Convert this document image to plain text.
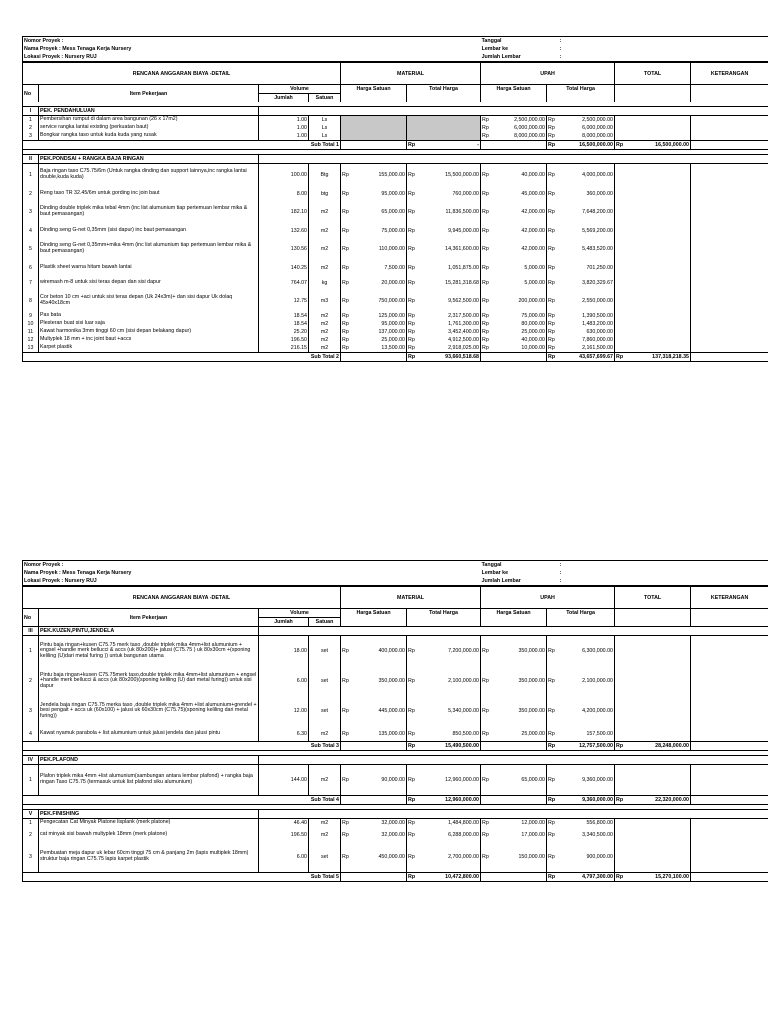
Nomor Proyek :	Tanggal	:	
Nama Proyek : Mess Tenaga Kerja Nursery	Lembar ke	:	
Lokasi Proyek : Nursery RUJ	Jumlah Lembar	:	
RENCANA ANGGARAN BIAYA -DETAIL				MATERIAL		UPAH		TOTAL	KETERANGAN
No	Item Pekerjaan	Volume		Harga Satuan	Total Harga	Harga Satuan	Total Harga		
		Jumlah	Satuan						

I	PEK. PENDAHULUAN													
1	Pembersihan rumput di dalam area bangunan (26 x 17m2)	1.00	Ls					Rp	2,500,000.00	Rp	2,500,000.00			
2	service rangka lantai existing (perkuatan baut)	1.00	Ls					Rp	6,000,000.00	Rp	6,000,000.00			
3	Bongkar rangka taso untuk kuda kuda yang rusak	1.00	Ls					Rp	8,000,000.00	Rp	8,000,000.00			
	Sub Total 1					Rp	-			Rp	16,500,000.00	Rp	16,500,000.00	

II	PEK.PONDSAI + RANGKA BAJA RINGAN													
1	Baja ringan taso C75.75/6m (Untuk rangka dinding dan support lainnya,inc rangka lantai double,kuda kuda)	100.00	Btg	Rp	155,000.00	Rp	15,500,000.00	Rp	40,000.00	Rp	4,000,000.00			
2	Reng taso TR 32.45/6m untuk gording inc join baut	8.00	btg	Rp	95,000.00	Rp	760,000.00	Rp	45,000.00	Rp	360,000.00			
3	Dinding double triplek mika tebal 4mm (inc list alumunium tiap pertemuan lembar mika & baut pemasangan)	182.10	m2	Rp	65,000.00	Rp	11,836,500.00	Rp	42,000.00	Rp	7,648,200.00			
4	Dinding seng G-net 0,35mm (sisi dapur) inc baut pemasangan	132.60	m2	Rp	75,000.00	Rp	9,945,000.00	Rp	42,000.00	Rp	5,569,200.00			
5	Dinding seng G-net 0,35mm+mika 4mm (inc list alumunium tiap pertemuan lembar mika & baut pemasangan)	130.56	m2	Rp	110,000.00	Rp	14,361,600.00	Rp	42,000.00	Rp	5,483,520.00			
6	Plastik sheet warna hitam bawah lantai	140.25	m2	Rp	7,500.00	Rp	1,051,875.00	Rp	5,000.00	Rp	701,250.00			
7	wiremash m-8 untuk sisi teras depan dan sisi dapur	764.07	kg	Rp	20,000.00	Rp	15,281,318.68	Rp	5,000.00	Rp	3,820,329.67			
8	Cor beton 10 cm +aci untuk sisi teras depan (Uk 24x3m)+ dan sisi dapur Uk dolaq 45x40x18cm	12.75	m3	Rp	750,000.00	Rp	9,562,500.00	Rp	200,000.00	Rp	2,550,000.00			
9	Pas bata	18.54	m2	Rp	125,000.00	Rp	2,317,500.00	Rp	75,000.00	Rp	1,390,500.00			
10	Plesteran buat sisi luar saja	18.54	m2	Rp	95,000.00	Rp	1,761,300.00	Rp	80,000.00	Rp	1,483,200.00			
11	Kawat harmonika 3mm tinggi 60 cm (sisi depan belakang dapur)	25.20	m2	Rp	137,000.00	Rp	3,452,400.00	Rp	25,000.00	Rp	630,000.00			
12	Multyplek 18 mm + inc joint baut +accs	196.50	m2	Rp	25,000.00	Rp	4,912,500.00	Rp	40,000.00	Rp	7,860,000.00			
13	Karpet plastik	216.15	m2	Rp	13,500.00	Rp	2,918,025.00	Rp	10,000.00	Rp	2,161,500.00			
	Sub Total 2					Rp	93,660,518.68			Rp	43,657,699.67	Rp	137,318,218.35	
Nomor Proyek :	Tanggal	:	
Nama Proyek : Mess Tenaga Kerja Nursery	Lembar ke	:	
Lokasi Proyek : Nursery RUJ	Jumlah Lembar	:	
RENCANA ANGGARAN BIAYA -DETAIL				MATERIAL		UPAH		TOTAL	KETERANGAN
No	Item Pekerjaan	Volume		Harga Satuan	Total Harga	Harga Satuan	Total Harga		
		Jumlah	Satuan						
III	PEK.KUZEN,PINTU,JENDELA													
1	Pintu baja ringan+kusen C75.75 merk taso ,double triplek mika 4mm+list alumunium + engsel +handle merk bellucci & accs (uk 80x200)+ jalusi (C75.75 ) uk 80x30cm +(sponing keliling (U)dari metal furing )) untuk bangunan utama	18.00	set	Rp	400,000.00	Rp	7,200,000.00	Rp	350,000.00	Rp	6,300,000.00			
2	Pintu baja ringan+kusen C75.75merk taso,double triplek mika 4mm+list alumunium + engsel +handle merk bellucci & accs (uk 80x200)(sponing keliling (U) dari metal furing)) untuk sisi dapur	6.00	set	Rp	350,000.00	Rp	2,100,000.00	Rp	350,000.00	Rp	2,100,000.00			
3	Jendela baja ringan C75.75 merka taso ,double triplek mika 4mm +list alumunium+grendel + besi pengait + accs uk (60x100) + jalusi uk 60x30cm (C75.75)(sponing keliling dari metal furing))	12.00	set	Rp	445,000.00	Rp	5,340,000.00	Rp	350,000.00	Rp	4,200,000.00			
4	Kawat nyamuk parabola + list alumunium untuk jalusi jendela dan jalusi pintu	6.30	m2	Rp	135,000.00	Rp	850,500.00	Rp	25,000.00	Rp	157,500.00			
	Sub Total 3					Rp	15,490,500.00			Rp	12,757,500.00	Rp	28,248,000.00	

IV	PEK.PLAFOND													
1	Plafon triplek mika 4mm +list alumunium(sambungan antara lembar plafond) + rangka baja ringan Taso C75.75 (termasuk untuk list plafond siku alumunium)	144.00	m2	Rp	90,000.00	Rp	12,960,000.00	Rp	65,000.00	Rp	9,360,000.00			
	Sub Total 4					Rp	12,960,000.00			Rp	9,360,000.00	Rp	22,320,000.00	

V	PEK.FINISHING													
1	Pengecatan Cat Minyak Platone lisplank (merk platone)	46.40	m2	Rp	32,000.00	Rp	1,484,800.00	Rp	12,000.00	Rp	556,800.00			
2	cat minyak sisi bawah multyplek 18mm (merk platone)	196.50	m2	Rp	32,000.00	Rp	6,288,000.00	Rp	17,000.00	Rp	3,340,500.00			
3	Pembuatan meja dapur uk lebar 60cm tinggi 75 cm & panjang 2m (lapis multiplek 18mm) struktur baja ringan C75.75 lapis karpet plastik	6.00	set	Rp	450,000.00	Rp	2,700,000.00	Rp	150,000.00	Rp	900,000.00			
	Sub Total 5					Rp	10,472,800.00			Rp	4,797,300.00	Rp	15,270,100.00	
